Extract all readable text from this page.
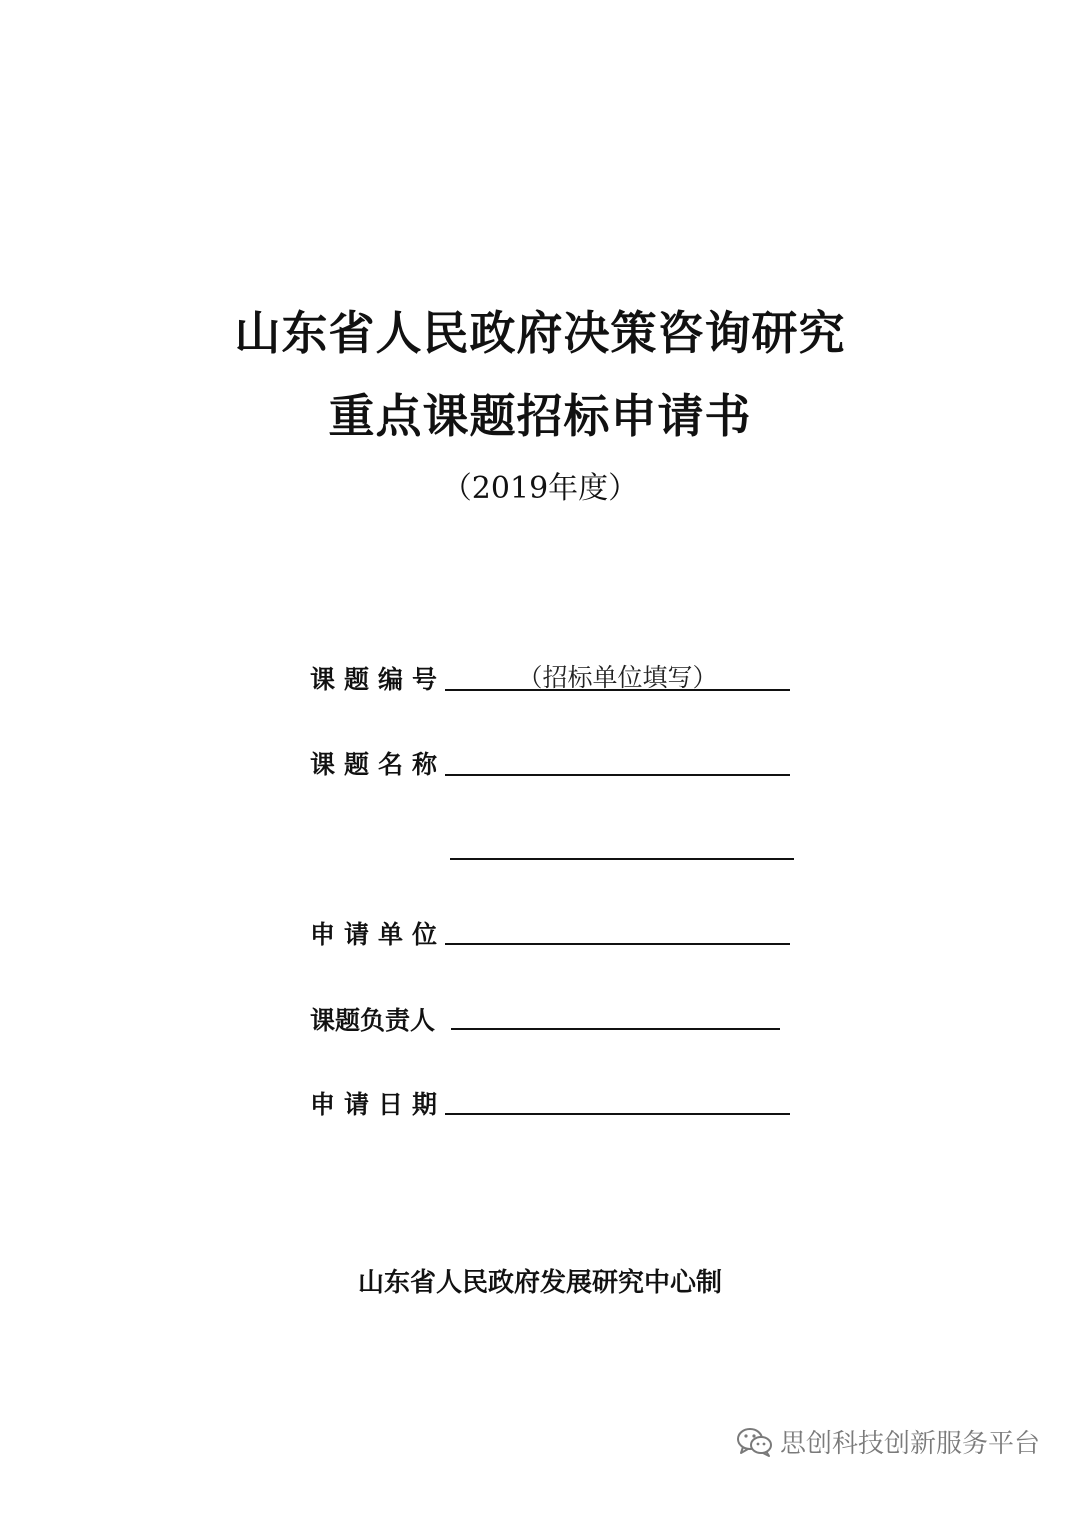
山东省人民政府决策咨询研究
重点课题招标申请书
（2019年度）
课题编号	（招标单位填写）
课题名称
申请单位
课题负责人
申请日期
山东省人民政府发展研究中心制
思创科技创新服务平台
